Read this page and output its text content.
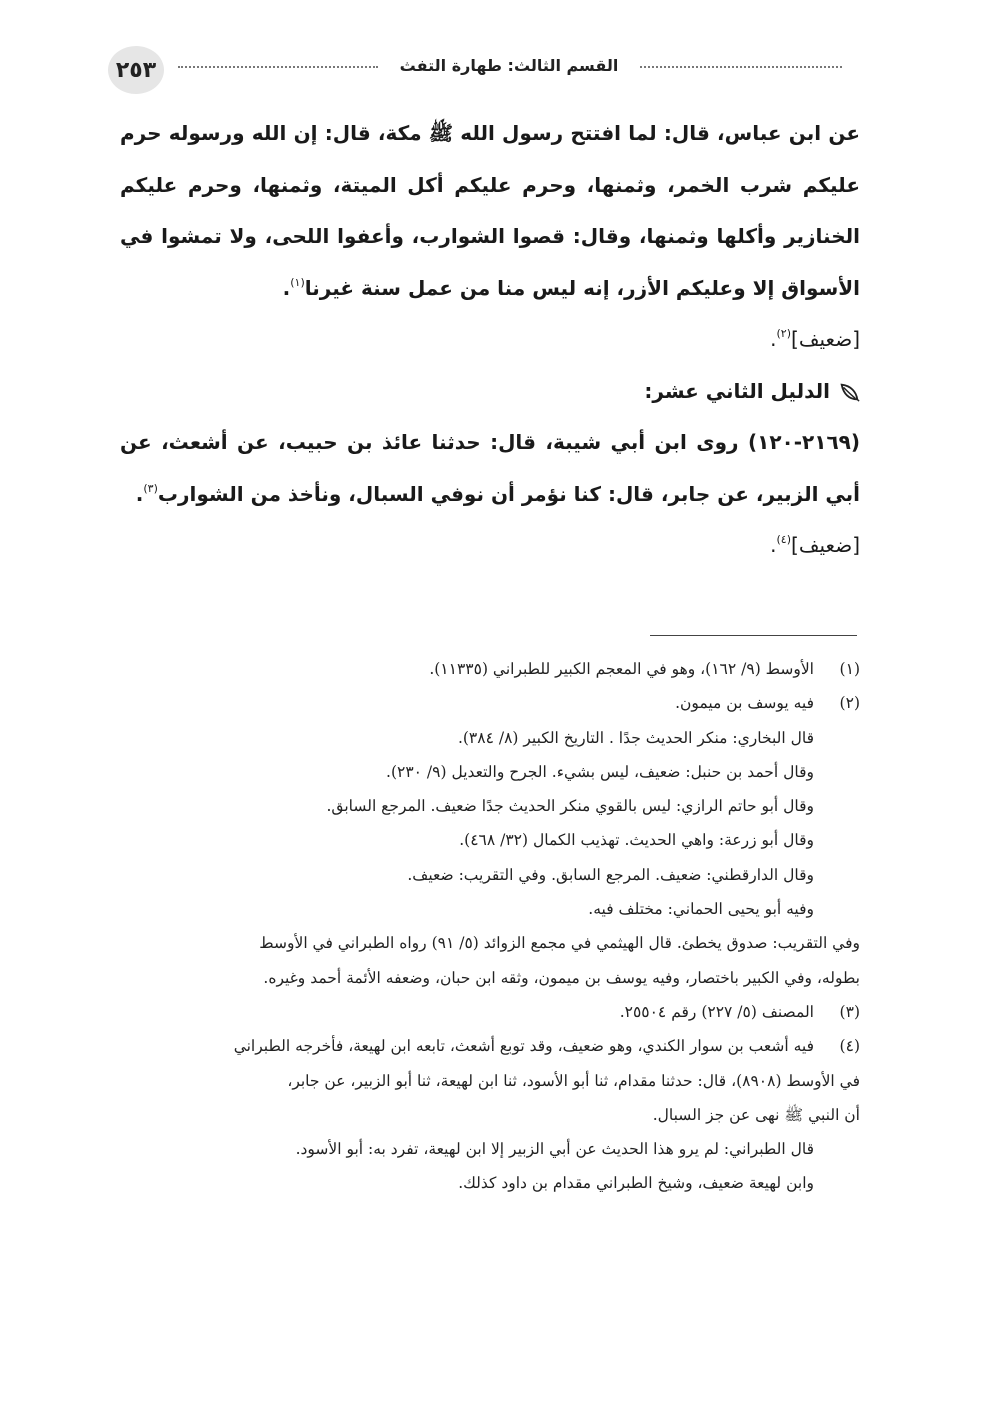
٢٥٣	القسم الثالث: طهارة التفث

عن ابن عباس، قال: لما افتتح رسول الله ﷺ مكة، قال: إن الله ورسوله حرم عليكم شرب الخمر، وثمنها، وحرم عليكم أكل الميتة، وثمنها، وحرم عليكم الخنازير وأكلها وثمنها، وقال: قصوا الشوارب، وأعفوا اللحى، ولا تمشوا في الأسواق إلا وعليكم الأزر، إنه ليس منا من عمل سنة غيرنا$^{(١)}$.

[ضعيف]$^{(٢)}$.

الدليل الثاني عشر:

(٢١٦٩-١٢٠) روى ابن أبي شيبة، قال: حدثنا عائذ بن حبيب، عن أشعث، عن أبي الزبير، عن جابر، قال: كنا نؤمر أن نوفي السبال، ونأخذ من الشوارب$^{(٣)}$.

[ضعيف]$^{(٤)}$.

(١)
الأوسط (٩/ ١٦٢)، وهو في المعجم الكبير للطبراني (١١٣٣٥).
(٢)
فيه يوسف بن ميمون.
قال البخاري: منكر الحديث جدًا . التاريخ الكبير (٨/ ٣٨٤).
وقال أحمد بن حنبل: ضعيف، ليس بشيء. الجرح والتعديل (٩/ ٢٣٠).
وقال أبو حاتم الرازي: ليس بالقوي منكر الحديث جدًا ضعيف. المرجع السابق.
وقال أبو زرعة: واهي الحديث. تهذيب الكمال (٣٢/ ٤٦٨).
وقال الدارقطني: ضعيف. المرجع السابق. وفي التقريب: ضعيف.
وفيه أبو يحيى الحماني: مختلف فيه.
وفي التقريب: صدوق يخطئ. قال الهيثمي في مجمع الزوائد (٥/ ٩١) رواه الطبراني في الأوسط
بطوله، وفي الكبير باختصار، وفيه يوسف بن ميمون، وثقه ابن حبان، وضعفه الأئمة أحمد وغيره.
(٣)
المصنف (٥/ ٢٢٧) رقم ٢٥٥٠٤.
(٤)
فيه أشعب بن سوار الكندي، وهو ضعيف، وقد توبع أشعث، تابعه ابن لهيعة، فأخرجه الطبراني
في الأوسط (٨٩٠٨)، قال: حدثنا مقدام، ثنا أبو الأسود، ثنا ابن لهيعة، ثنا أبو الزبير، عن جابر،
أن النبي ﷺ نهى عن جز السبال.
قال الطبراني: لم يرو هذا الحديث عن أبي الزبير إلا ابن لهيعة، تفرد به: أبو الأسود.
وابن لهيعة ضعيف، وشيخ الطبراني مقدام بن داود كذلك.
